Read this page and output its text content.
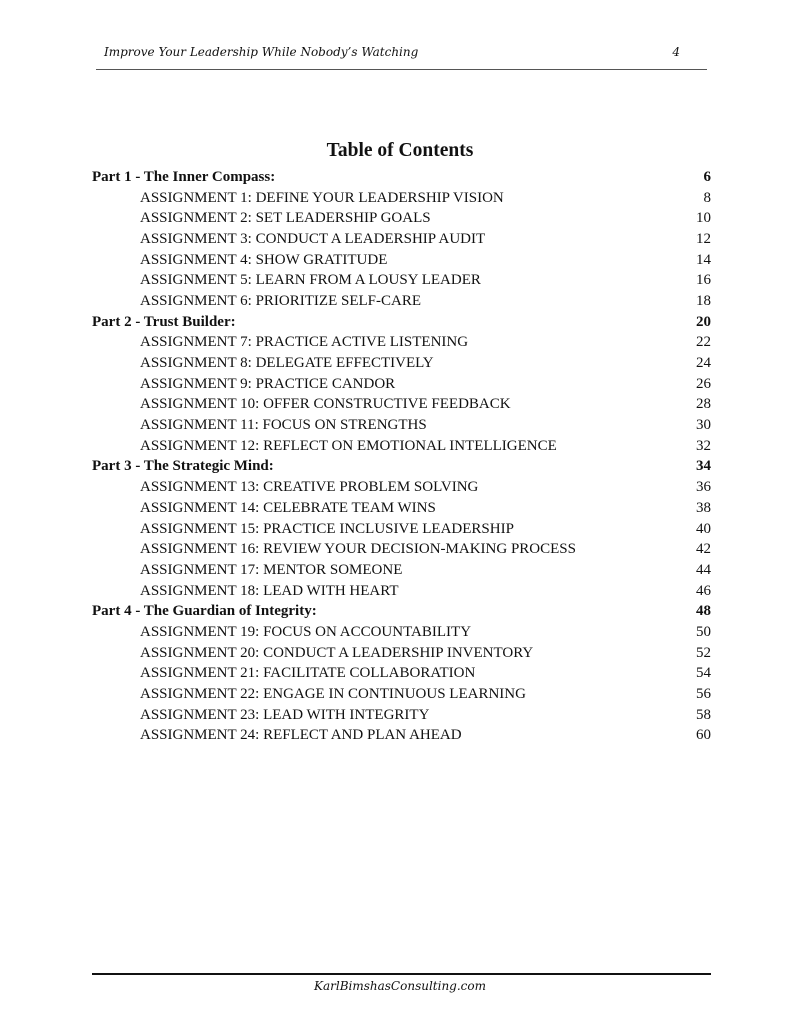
Improve Your Leadership While Nobody’s Watching	4
Table of Contents
Part 1 - The Inner Compass:	6
ASSIGNMENT 1: DEFINE YOUR LEADERSHIP VISION	8
ASSIGNMENT 2: SET LEADERSHIP GOALS	10
ASSIGNMENT 3: CONDUCT A LEADERSHIP AUDIT	12
ASSIGNMENT 4: SHOW GRATITUDE	14
ASSIGNMENT 5: LEARN FROM A LOUSY LEADER	16
ASSIGNMENT 6: PRIORITIZE SELF-CARE	18
Part 2 - Trust Builder:	20
ASSIGNMENT 7: PRACTICE ACTIVE LISTENING	22
ASSIGNMENT 8: DELEGATE EFFECTIVELY	24
ASSIGNMENT 9: PRACTICE CANDOR	26
ASSIGNMENT 10: OFFER CONSTRUCTIVE FEEDBACK	28
ASSIGNMENT 11: FOCUS ON STRENGTHS	30
ASSIGNMENT 12: REFLECT ON EMOTIONAL INTELLIGENCE	32
Part 3 - The Strategic Mind:	34
ASSIGNMENT 13: CREATIVE PROBLEM SOLVING	36
ASSIGNMENT 14: CELEBRATE TEAM WINS	38
ASSIGNMENT 15: PRACTICE INCLUSIVE LEADERSHIP	40
ASSIGNMENT 16: REVIEW YOUR DECISION-MAKING PROCESS	42
ASSIGNMENT 17: MENTOR SOMEONE	44
ASSIGNMENT 18: LEAD WITH HEART	46
Part 4 - The Guardian of Integrity:	48
ASSIGNMENT 19: FOCUS ON ACCOUNTABILITY	50
ASSIGNMENT 20: CONDUCT A LEADERSHIP INVENTORY	52
ASSIGNMENT 21: FACILITATE COLLABORATION	54
ASSIGNMENT 22: ENGAGE IN CONTINUOUS LEARNING	56
ASSIGNMENT 23: LEAD WITH INTEGRITY	58
ASSIGNMENT 24: REFLECT AND PLAN AHEAD	60
KarlBimshasConsulting.com
